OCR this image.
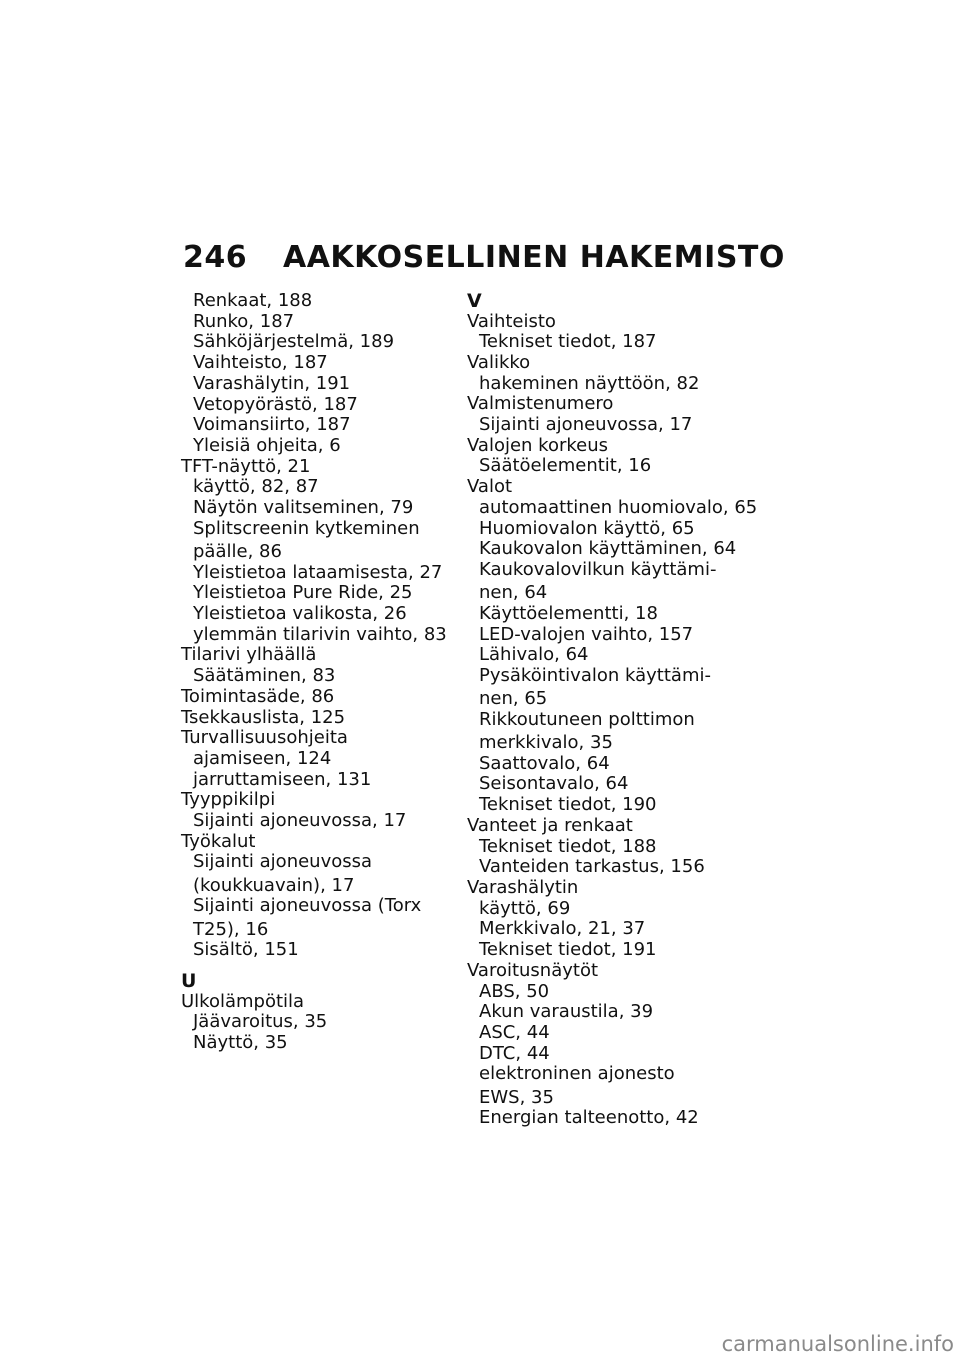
246 AAKKOSELLINEN HAKEMISTO
Renkaat, 188
Runko, 187
Sähköjärjestelmä, 189
Vaihteisto, 187
Varashälytin, 191
Vetopyörästö, 187
Voimansiirto, 187
Yleisiä ohjeita, 6
TFT-näyttö, 21
käyttö, 82, 87
Näytön valitseminen, 79
Splitscreenin kytkeminen
päälle, 86
Yleistietoa lataamisesta, 27
Yleistietoa Pure Ride, 25
Yleistietoa valikosta, 26
ylemmän tilarivin vaihto, 83
Tilarivi ylhäällä
Säätäminen, 83
Toimintasäde, 86
Tsekkauslista, 125
Turvallisuusohjeita
ajamiseen, 124
jarruttamiseen, 131
Tyyppikilpi
Sijainti ajoneuvossa, 17
Työkalut
Sijainti ajoneuvossa
(koukkuavain), 17
Sijainti ajoneuvossa (Torx
T25), 16
Sisältö, 151
U
Ulkolämpötila
Jäävaroitus, 35
Näyttö, 35
V
Vaihteisto
Tekniset tiedot, 187
Valikko
hakeminen näyttöön, 82
Valmistenumero
Sijainti ajoneuvossa, 17
Valojen korkeus
Säätöelementit, 16
Valot
automaattinen huomiovalo, 65
Huomiovalon käyttö, 65
Kaukovalon käyttäminen, 64
Kaukovalovilkun käyttämi-
nen, 64
Käyttöelementti, 18
LED-valojen vaihto, 157
Lähivalo, 64
Pysäköintivalon käyttämi-
nen, 65
Rikkoutuneen polttimon
merkkivalo, 35
Saattovalo, 64
Seisontavalo, 64
Tekniset tiedot, 190
Vanteet ja renkaat
Tekniset tiedot, 188
Vanteiden tarkastus, 156
Varashälytin
käyttö, 69
Merkkivalo, 21, 37
Tekniset tiedot, 191
Varoitusnäytöt
ABS, 50
Akun varaustila, 39
ASC, 44
DTC, 44
elektroninen ajonesto
EWS, 35
Energian talteenotto, 42
carmanualsonline.info
